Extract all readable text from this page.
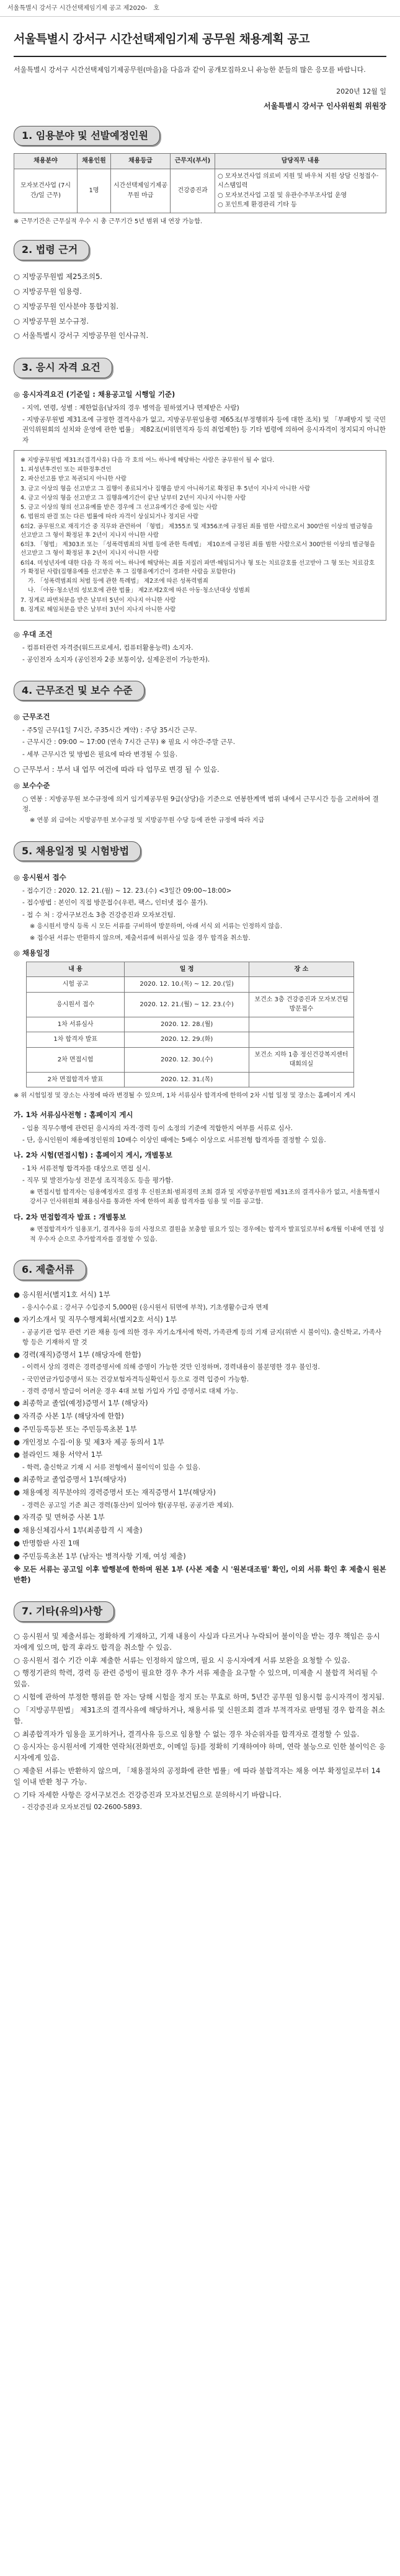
서울특별시 강서구 시간선택제임기제 공고 제2020-　호
서울특별시 강서구 시간선택제임기제 공무원 채용계획 공고
서울특별시 강서구 시간선택제임기제공무원(마을)을 다음과 같이 공개모집하오니 유능한 분들의 많은 응모를 바랍니다.
2020년 12월 일
서울특별시 강서구 인사위원회 위원장
1. 임용분야 및 선발예정인원
채용분야	채용인원	채용등급	근무지(부서)	담당직무 내용
모자보건사업 (7시간/일 근무)	1명	시간선택제임기제공무원 마급	건강증진과	○ 모자보건사업 의료비 지원 및 바우처 지원 상담 신청접수·시스템입력
○ 모자보건사업 고질 및 유관수주부조사업 운영
○ 포인트제 환경관리 기타 등
※ 근무기간은 근무실적 우수 시 총 근무기간 5년 범위 내 연장 가능함.
2. 법령 근거
○ 지방공무원법 제25조의5.
○ 지방공무원 임용령.
○ 지방공무원 인사분야 통합지침.
○ 지방공무원 보수규정.
○ 서울특별시 강서구 지방공무원 인사규칙.
3. 응시 자격 요건
◎ 응시자격요건 (기준일 : 채용공고일 시행일 기준)
- 지역, 연령, 성별 : 제한없음(남자의 경우 병역을 필하였거나 면제받은 사람)
- 지방공무원법 제31조에 규정한 결격사유가 없고, 지방공무원임용령 제65조(부정행위자 등에 대한 조치) 및 「부패방지 및 국민권익위원회의 설치와 운영에 관한 법률」 제82조(비위면직자 등의 취업제한) 등 기타 법령에 의하여 응시자격이 정지되지 아니한 자

※ 지방공무원법 제31조(결격사유) 다음 각 호의 어느 하나에 해당하는 사람은 공무원이 될 수 없다.

1. 피성년후견인 또는 피한정후견인

2. 파산선고를 받고 복권되지 아니한 사람

3. 금고 이상의 형을 선고받고 그 집행이 종료되거나 집행을 받지 아니하기로 확정된 후 5년이 지나지 아니한 사람

4. 금고 이상의 형을 선고받고 그 집행유예기간이 끝난 날부터 2년이 지나지 아니한 사람

5. 금고 이상의 형의 선고유예를 받은 경우에 그 선고유예기간 중에 있는 사람

6. 법원의 판결 또는 다른 법률에 따라 자격이 상실되거나 정지된 사람

6의2. 공무원으로 재직기간 중 직무와 관련하여 「형법」 제355조 및 제356조에 규정된 죄를 범한 사람으로서 300만원 이상의 벌금형을 선고받고 그 형이 확정된 후 2년이 지나지 아니한 사람

6의3. 「형법」 제303조 또는 「성폭력범죄의 처벌 등에 관한 특례법」 제10조에 규정된 죄를 범한 사람으로서 300만원 이상의 벌금형을 선고받고 그 형이 확정된 후 2년이 지나지 아니한 사람

6의4. 미성년자에 대한 다음 각 목의 어느 하나에 해당하는 죄를 저질러 파면·해임되거나 형 또는 치료감호를 선고받아 그 형 또는 치료감호가 확정된 사람(집행유예를 선고받은 후 그 집행유예기간이 경과한 사람을 포함한다)

가. 「성폭력범죄의 처벌 등에 관한 특례법」 제2조에 따른 성폭력범죄

나. 「아동·청소년의 성보호에 관한 법률」 제2조제2호에 따른 아동·청소년대상 성범죄

7. 징계로 파면처분을 받은 날부터 5년이 지나지 아니한 사람

8. 징계로 해임처분을 받은 날부터 3년이 지나지 아니한 사람

◎ 우대 조건
- 컴퓨터관련 자격증(워드프로세서, 컴퓨터활용능력) 소지자.
- 공인전자 소지자 (공인전자 2종 보통이상, 실제운전이 가능한자).
4. 근무조건 및 보수 수준
◎ 근무조건
- 주5일 근무(1일 7시간, 주35시간 계약) : 주당 35시간 근무.
- 근무시간 : 09:00 ~ 17:00 (연속 7시간 근무) ※ 필요 시 야간·주말 근무.
- 세부 근무시간 및 방법은 필요에 따라 변경될 수 있음.
○ 근무부서 : 부서 내 업무 여건에 따라 타 업무로 변경 될 수 있음.
◎ 보수수준
○ 연봉 : 지방공무원 보수규정에 의거 임기제공무원 9급(상당)을 기준으로 연봉한계액 범위 내에서 근무시간 등을 고려하여 결정.
※ 연봉 외 급여는 지방공무원 보수규정 및 지방공무원 수당 등에 관한 규정에 따라 지급
5. 채용일정 및 시험방법
◎ 응시원서 접수
- 접수기간 : 2020. 12. 21.(월) ~ 12. 23.(수) <3일간 09:00~18:00>
- 접수방법 : 본인이 직접 방문접수(우편, 팩스, 인터넷 접수 불가).
- 접 수 처 : 강서구보건소 3층 건강증진과 모자보건팀.
※ 응시원서 방식 등록 시 모든 서류를 구비하여 방문하며, 아래 서식 외 서류는 인정하지 않음.
※ 접수된 서류는 반환하지 않으며, 제출서류에 허위사실 있을 경우 합격을 취소함.
◎ 채용일정
내 용	일 정	장 소
시험 공고	2020. 12. 10.(목) ~ 12. 20.(일)	
응시원서 접수	2020. 12. 21.(월) ~ 12. 23.(수)	보건소 3층 건강증진과 모자보건팀 방문접수
1차 서류심사	2020. 12. 28.(월)	
1차 합격자 발표	2020. 12. 29.(화)	
2차 면접시험	2020. 12. 30.(수)	보건소 지하 1층 정신건강복지센터 대회의실
2차 면접합격자 발표	2020. 12. 31.(목)	
※ 위 시험일정 및 장소는 사정에 따라 변경될 수 있으며, 1차 서류심사 합격자에 한하여 2차 시험 일정 및 장소는 홈페이지 게시
가. 1차 서류심사전형 : 홈페이지 게시
- 임용 직무수행에 관련된 응시자의 자격·경력 등이 소정의 기준에 적합한지 여부를 서류로 심사.
- 단, 응시인원이 채용예정인원의 10배수 이상인 때에는 5배수 이상으로 서류전형 합격자를 결정할 수 있음.
나. 2차 시험(면접시험) : 홈페이지 게시, 개별통보
- 1차 서류전형 합격자를 대상으로 면접 실시.
- 직무 및 발전가능성 전문성 조직적응도 등을 평가함.
※ 면접시험 합격자는 임용예정자로 결정 후 신원조회·범죄경력 조회 결과 및 지방공무원법 제31조의 결격사유가 없고, 서울특별시 강서구 인사위원회 채용심사를 통과한 자에 한하여 최종 합격자를 임용 및 이를 공고함.
다. 2차 면접합격자 발표 : 개별통보
※ 면접합격자가 임용포기, 결격사유 등의 사정으로 결원을 보충할 필요가 있는 경우에는 합격자 발표일로부터 6개월 이내에 면접 성적 우수자 순으로 추가합격자를 결정할 수 있음.
6. 제출서류

● 응시원서(별지1호 서식) 1부

- 응시수수료 : 강서구 수입증지 5,000원 (응시원서 뒤면에 부착), 기초생활수급자 면제

● 자기소개서 및 직무수행계획서(별지2호 서식) 1부

- 공공기관 업무 관련 기관 채용 등에 의한 경우 자기소개서에 학력, 가족관계 등의 기재 금지(위반 시 불이익). 출신학교, 가족사항 등은 기재하지 말 것

● 경력(재직)증명서 1부 (해당자에 한함)

- 이력서 상의 경력은 경력증명서에 의해 증명이 가능한 것만 인정하며, 경력내용이 불분명한 경우 불인정.

- 국민연금가입증명서 또는 건강보험자격득실확인서 등으로 경력 입증이 가능함.

- 경력 증명서 발급이 어려운 경우 4대 보험 가입자 가입 증명서로 대체 가능.

● 최종학교 졸업(예정)증명서 1부 (해당자)

● 자격증 사본 1부 (해당자에 한함)

● 주민등록등본 또는 주민등록초본 1부

● 개인정보 수집·이용 및 제3자 제공 동의서 1부

● 블라인드 채용 서약서 1부

- 학력, 출신학교 기재 시 서류 전형에서 불이익이 있을 수 있음.

● 최종학교 졸업증명서 1부(해당자)

● 채용예정 직무분야의 경력증명서 또는 재직증명서 1부(해당자)

- 경력은 공고일 기준 최근 경력(통산)이 있어야 함(공무원, 공공기관 제외).

● 자격증 및 면허증 사본 1부

● 채용신체검사서 1부(최종합격 시 제출)

● 반명함판 사진 1매

● 주민등록초본 1부 (남자는 병적사항 기재, 여성 제출)

※ 모든 서류는 공고일 이후 발행분에 한하며 원본 1부 (사본 제출 시 '원본대조필' 확인, 이외 서류 확인 후 제출시 원본 반환)

7. 기타(유의)사항

○ 응시원서 및 제출서류는 정확하게 기재하고, 기재 내용이 사실과 다르거나 누락되어 불이익을 받는 경우 책임은 응시자에게 있으며, 합격 후라도 합격을 취소할 수 있음.

○ 응시원서 접수 기간 이후 제출한 서류는 인정하지 않으며, 필요 시 응시자에게 서류 보완을 요청할 수 있음.

○ 행정기관의 학력, 경력 등 관련 증빙이 필요한 경우 추가 서류 제출을 요구할 수 있으며, 미제출 시 불합격 처리될 수 있음.

○ 시험에 관하여 부정한 행위를 한 자는 당해 시험을 정지 또는 무효로 하며, 5년간 공무원 임용시험 응시자격이 정지됨.

○ 「지방공무원법」 제31조의 결격사유에 해당하거나, 채용서류 및 신원조회 결과 부적격자로 판명될 경우 합격을 취소함.

○ 최종합격자가 임용을 포기하거나, 결격사유 등으로 임용할 수 없는 경우 차순위자를 합격자로 결정할 수 있음.

○ 응시자는 응시원서에 기재한 연락처(전화번호, 이메일 등)를 정확히 기재하여야 하며, 연락 불능으로 인한 불이익은 응시자에게 있음.

○ 제출된 서류는 반환하지 않으며, 「채용절차의 공정화에 관한 법률」에 따라 불합격자는 채용 여부 확정일로부터 14일 이내 반환 청구 가능.

○ 기타 자세한 사항은 강서구보건소 건강증진과 모자보건팀으로 문의하시기 바랍니다.

- 건강증진과 모자보건팀 02-2600-5893.
